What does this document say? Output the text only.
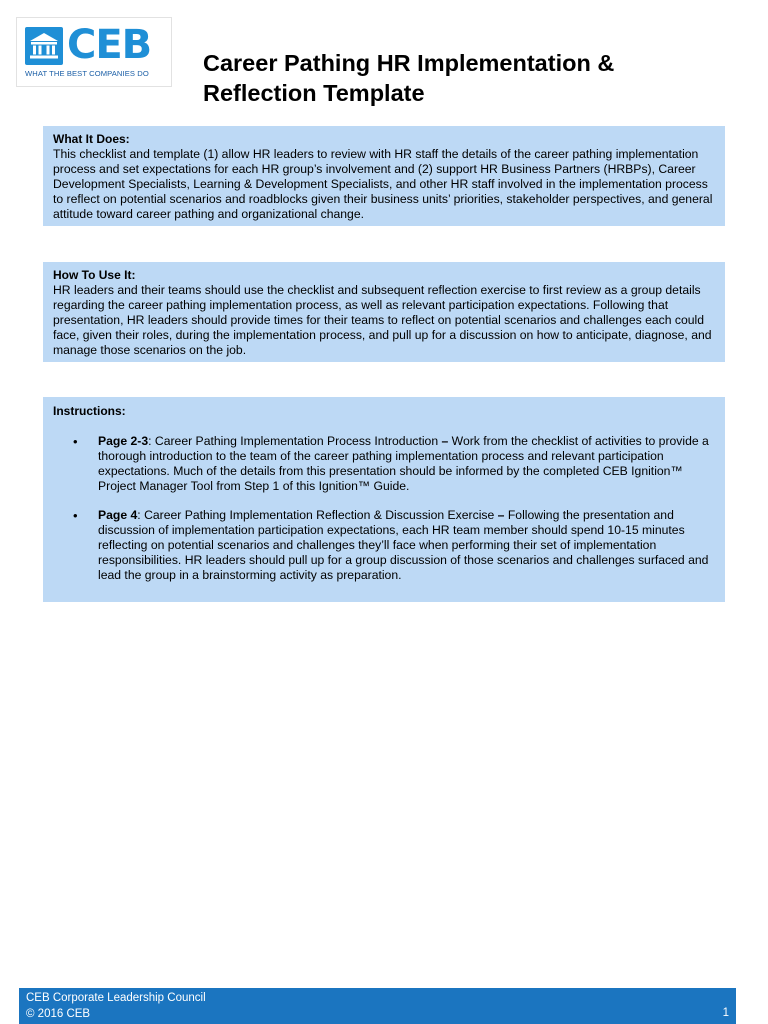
CEB
WHAT THE BEST COMPANIES DO Career Pathing HR Implementation &
Reflection Template
What It Does:

This checklist and template (1) allow HR leaders to review with HR staff the details of the career pathing implementation process and set expectations for each HR group’s involvement and (2) support HR Business Partners (HRBPs), Career Development Specialists, Learning & Development Specialists, and other HR staff involved in the implementation process to reflect on potential scenarios and roadblocks given their business units’ priorities, stakeholder perspectives, and general attitude toward career pathing and organizational change.

How To Use It:

HR leaders and their teams should use the checklist and subsequent reflection exercise to first review as a group details regarding the career pathing implementation process, as well as relevant participation expectations. Following that presentation, HR leaders should provide times for their teams to reflect on potential scenarios and challenges each could face, given their roles, during the implementation process, and pull up for a discussion on how to anticipate, diagnose, and manage those scenarios on the job.

Instructions:
• Page 2-3: Career Pathing Implementation Process Introduction – Work from the checklist of activities to provide a thorough introduction to the team of the career pathing implementation process and relevant participation expectations. Much of the details from this presentation should be informed by the completed CEB Ignition™ Project Manager Tool from Step 1 of this Ignition™ Guide.
• Page 4: Career Pathing Implementation Reflection & Discussion Exercise – Following the presentation and discussion of implementation participation expectations, each HR team member should spend 10-15 minutes reflecting on potential scenarios and challenges they’ll face when performing their set of implementation responsibilities. HR leaders should pull up for a group discussion of those scenarios and challenges surfaced and lead the group in a brainstorming activity as preparation.
CEB Corporate Leadership Council
© 2016 CEB	1
